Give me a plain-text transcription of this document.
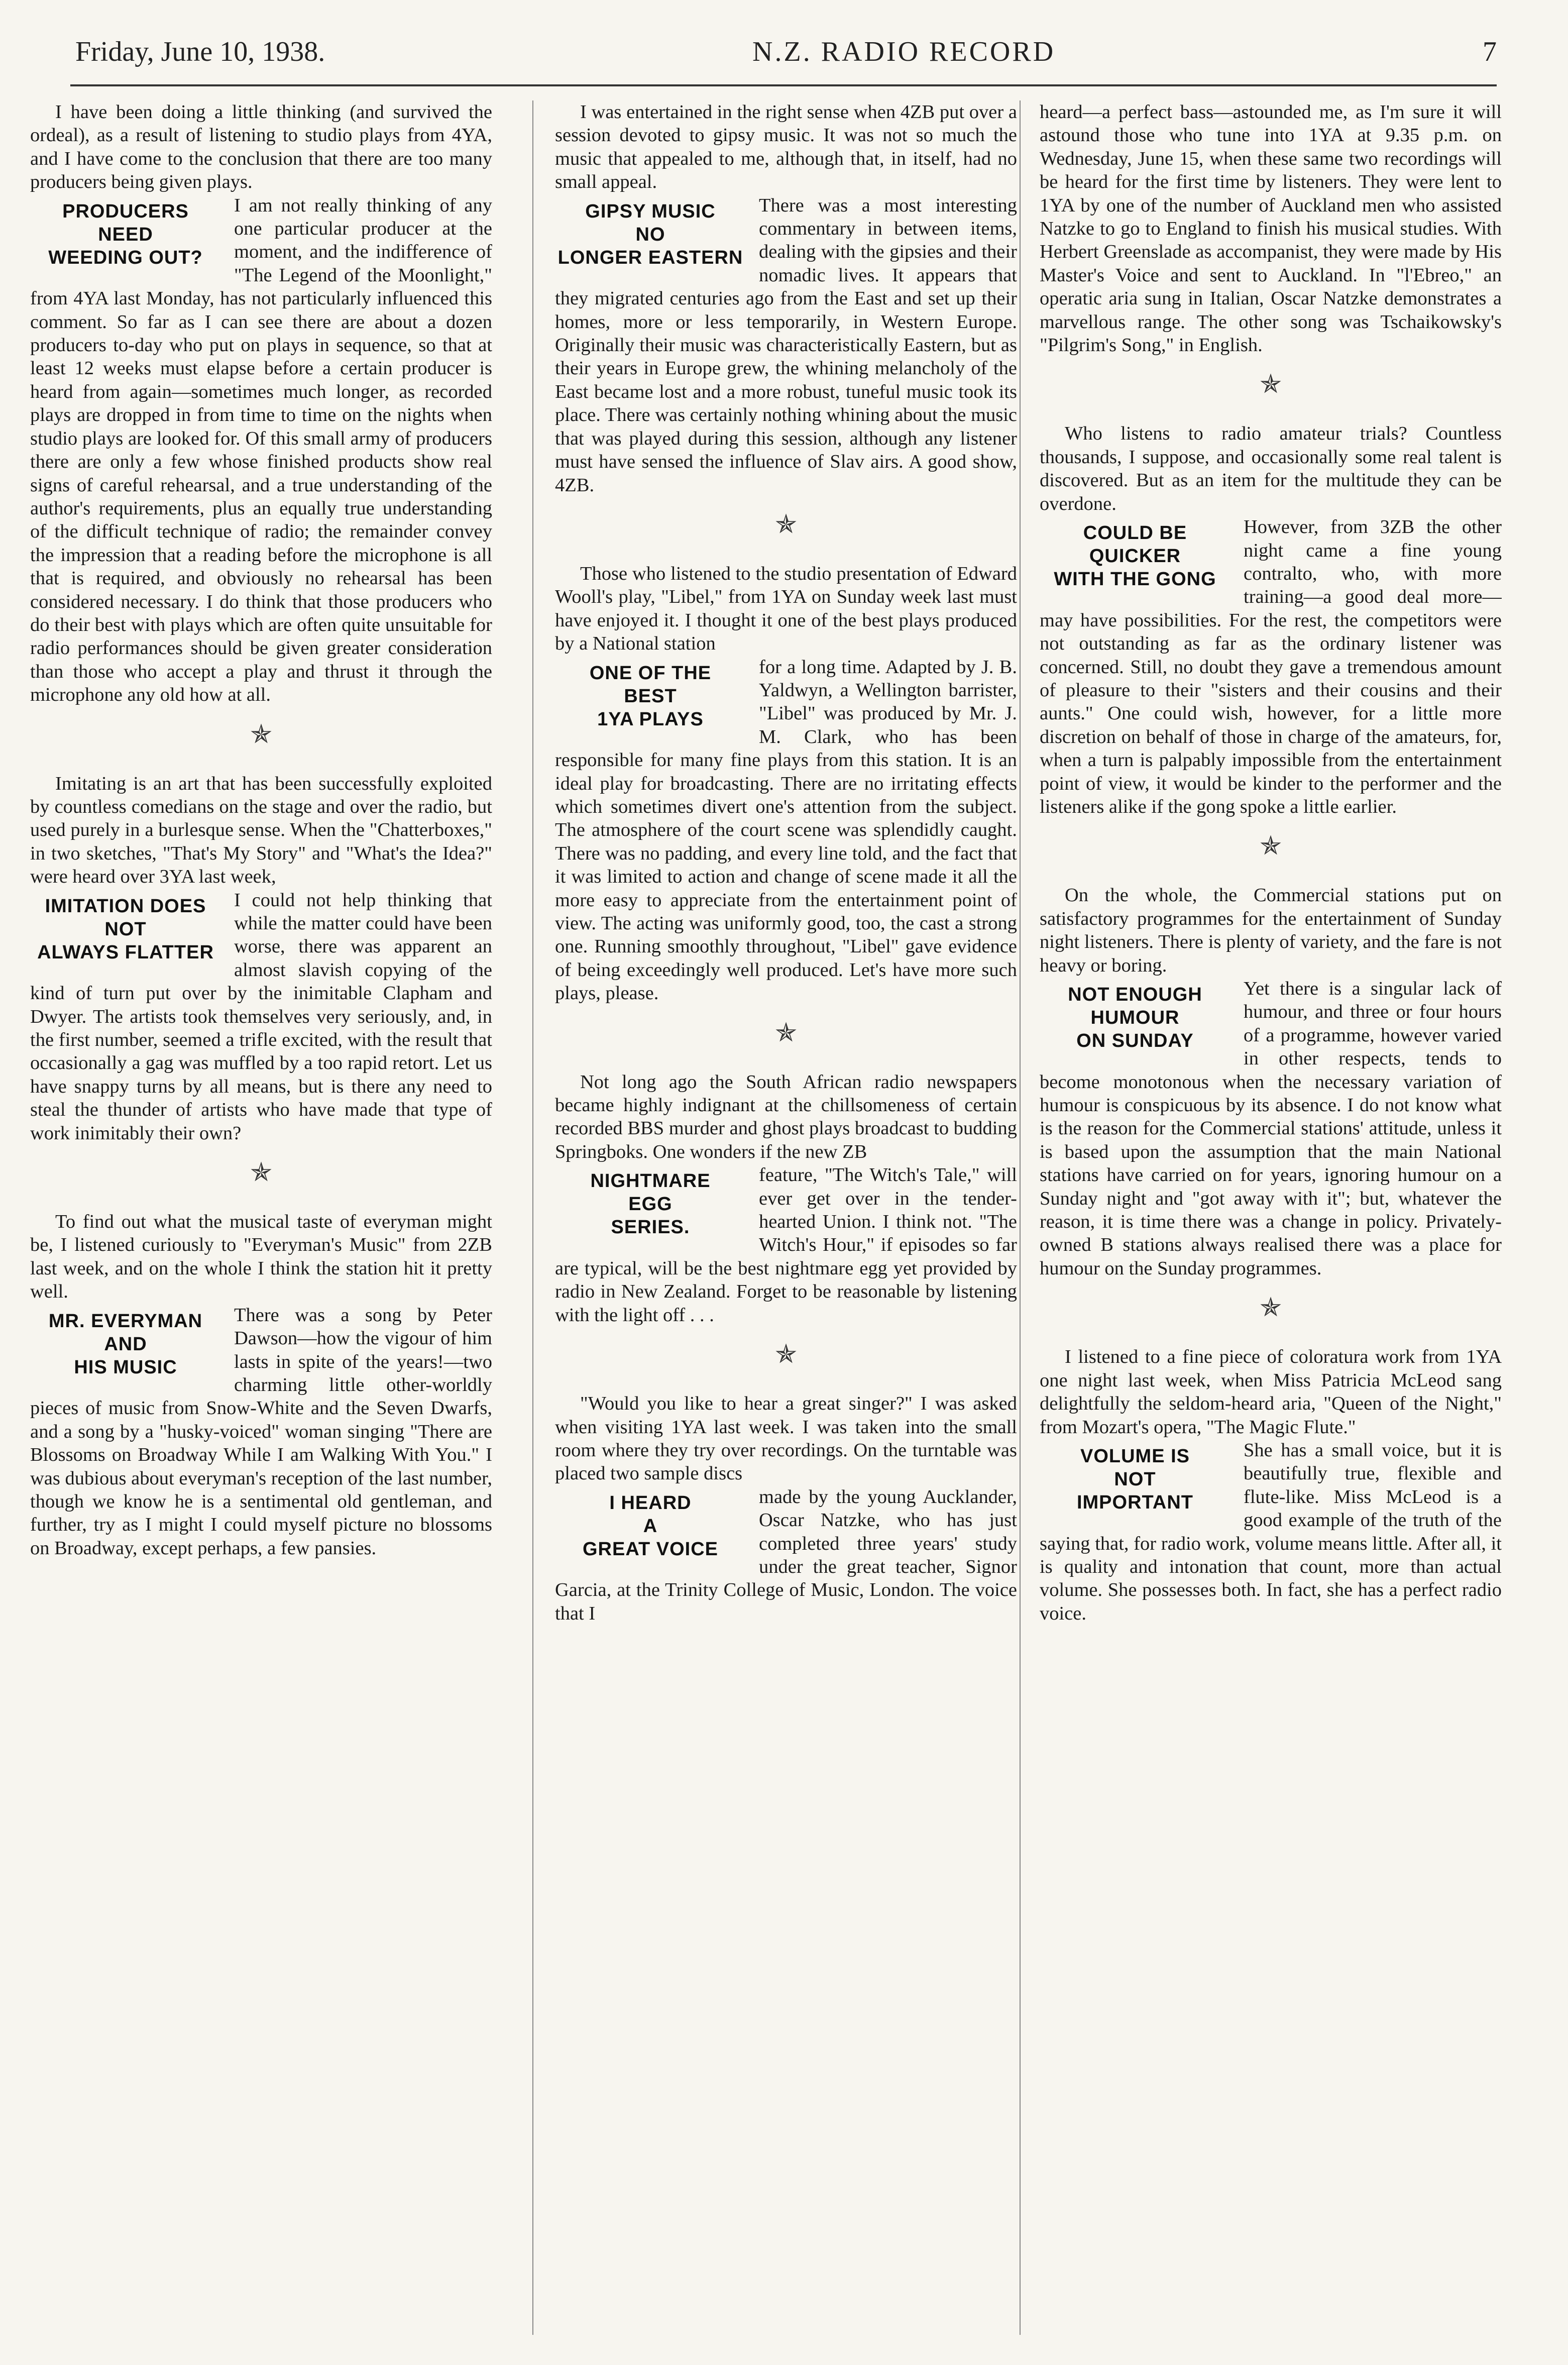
Friday, June 10, 1938.	N.Z. RADIO RECORD	7

I have been doing a little thinking (and survived the ordeal), as a result of listening to studio plays from 4YA, and I have come to the conclusion that there are too many producers being given plays.

PRODUCERS
NEED
WEEDING OUT?
I am not really thinking of any one particular producer at the moment, and the indifference of "The Legend of the Moonlight," from 4YA last Monday, has not particularly influenced this comment. So far as I can see there are about a dozen producers to-day who put on plays in sequence, so that at least 12 weeks must elapse before a certain producer is heard from again—sometimes much longer, as recorded plays are dropped in from time to time on the nights when studio plays are looked for. Of this small army of producers there are only a few whose finished products show real signs of careful rehearsal, and a true understanding of the author's requirements, plus an equally true understanding of the difficult technique of radio; the remainder convey the impression that a reading before the microphone is all that is required, and obviously no rehearsal has been considered necessary. I do think that those producers who do their best with plays which are often quite unsuitable for radio performances should be given greater consideration than those who accept a play and thrust it through the microphone any old how at all.
✯

Imitating is an art that has been successfully exploited by countless comedians on the stage and over the radio, but used purely in a burlesque sense. When the "Chatterboxes," in two sketches, "That's My Story" and "What's the Idea?" were heard over 3YA last week,

IMITATION DOES
NOT
ALWAYS FLATTER
I could not help thinking that while the matter could have been worse, there was apparent an almost slavish copying of the kind of turn put over by the inimitable Clapham and Dwyer. The artists took themselves very seriously, and, in the first number, seemed a trifle excited, with the result that occasionally a gag was muffled by a too rapid retort. Let us have snappy turns by all means, but is there any need to steal the thunder of artists who have made that type of work inimitably their own?
✯

To find out what the musical taste of everyman might be, I listened curiously to "Everyman's Music" from 2ZB last week, and on the whole I think the station hit it pretty well.

MR. EVERYMAN
AND
HIS MUSIC
There was a song by Peter Dawson—how the vigour of him lasts in spite of the years!—two charming little other-worldly pieces of music from Snow-White and the Seven Dwarfs, and a song by a "husky-voiced" woman singing "There are Blossoms on Broadway While I am Walking With You." I was dubious about everyman's reception of the last number, though we know he is a sentimental old gentleman, and further, try as I might I could myself picture no blossoms on Broadway, except perhaps, a few pansies.

I was entertained in the right sense when 4ZB put over a session devoted to gipsy music. It was not so much the music that appealed to me, although that, in itself, had no small appeal.

GIPSY MUSIC
NO
LONGER EASTERN
There was a most interesting commentary in between items, dealing with the gipsies and their nomadic lives. It appears that they migrated centuries ago from the East and set up their homes, more or less temporarily, in Western Europe. Originally their music was characteristically Eastern, but as their years in Europe grew, the whining melancholy of the East became lost and a more robust, tuneful music took its place. There was certainly nothing whining about the music that was played during this session, although any listener must have sensed the influence of Slav airs. A good show, 4ZB.
✯

Those who listened to the studio presentation of Edward Wooll's play, "Libel," from 1YA on Sunday week last must have enjoyed it. I thought it one of the best plays produced by a National station

ONE OF THE
BEST
1YA PLAYS
for a long time. Adapted by J. B. Yaldwyn, a Wellington barrister, "Libel" was produced by Mr. J. M. Clark, who has been responsible for many fine plays from this station. It is an ideal play for broadcasting. There are no irritating effects which sometimes divert one's attention from the subject. The atmosphere of the court scene was splendidly caught. There was no padding, and every line told, and the fact that it was limited to action and change of scene made it all the more easy to appreciate from the entertainment point of view. The acting was uniformly good, too, the cast a strong one. Running smoothly throughout, "Libel" gave evidence of being exceedingly well produced. Let's have more such plays, please.
✯

Not long ago the South African radio newspapers became highly indignant at the chillsomeness of certain recorded BBS murder and ghost plays broadcast to budding Springboks. One wonders if the new ZB

NIGHTMARE
EGG
SERIES.
feature, "The Witch's Tale," will ever get over in the tender-hearted Union. I think not. "The Witch's Hour," if episodes so far are typical, will be the best nightmare egg yet provided by radio in New Zealand. Forget to be reasonable by listening with the light off . . .
✯

"Would you like to hear a great singer?" I was asked when visiting 1YA last week. I was taken into the small room where they try over recordings. On the turntable was placed two sample discs

I HEARD
A
GREAT VOICE
made by the young Aucklander, Oscar Natzke, who has just completed three years' study under the great teacher, Signor Garcia, at the Trinity College of Music, London. The voice that I
heard—a perfect bass—astounded me, as I'm sure it will astound those who tune into 1YA at 9.35 p.m. on Wednesday, June 15, when these same two recordings will be heard for the first time by listeners. They were lent to 1YA by one of the number of Auckland men who assisted Natzke to go to England to finish his musical studies. With Herbert Greenslade as accompanist, they were made by His Master's Voice and sent to Auckland. In "l'Ebreo," an operatic aria sung in Italian, Oscar Natzke demonstrates a marvellous range. The other song was Tschaikowsky's "Pilgrim's Song," in English.
✯

Who listens to radio amateur trials? Countless thousands, I suppose, and occasionally some real talent is discovered. But as an item for the multitude they can be overdone.

COULD BE
QUICKER
WITH THE GONG
However, from 3ZB the other night came a fine young contralto, who, with more training—a good deal more—may have possibilities. For the rest, the competitors were not outstanding as far as the ordinary listener was concerned. Still, no doubt they gave a tremendous amount of pleasure to their "sisters and their cousins and their aunts." One could wish, however, for a little more discretion on behalf of those in charge of the amateurs, for, when a turn is palpably impossible from the entertainment point of view, it would be kinder to the performer and the listeners alike if the gong spoke a little earlier.
✯

On the whole, the Commercial stations put on satisfactory programmes for the entertainment of Sunday night listeners. There is plenty of variety, and the fare is not heavy or boring.

NOT ENOUGH
HUMOUR
ON SUNDAY
Yet there is a singular lack of humour, and three or four hours of a programme, however varied in other respects, tends to become monotonous when the necessary variation of humour is conspicuous by its absence. I do not know what is the reason for the Commercial stations' attitude, unless it is based upon the assumption that the main National stations have carried on for years, ignoring humour on a Sunday night and "got away with it"; but, whatever the reason, it is time there was a change in policy. Privately-owned B stations always realised there was a place for humour on the Sunday programmes.
✯

I listened to a fine piece of coloratura work from 1YA one night last week, when Miss Patricia McLeod sang delightfully the seldom-heard aria, "Queen of the Night," from Mozart's opera, "The Magic Flute."

VOLUME IS
NOT
IMPORTANT
She has a small voice, but it is beautifully true, flexible and flute-like. Miss McLeod is a good example of the truth of the saying that, for radio work, volume means little. After all, it is quality and intonation that count, more than actual volume. She possesses both. In fact, she has a perfect radio voice.
